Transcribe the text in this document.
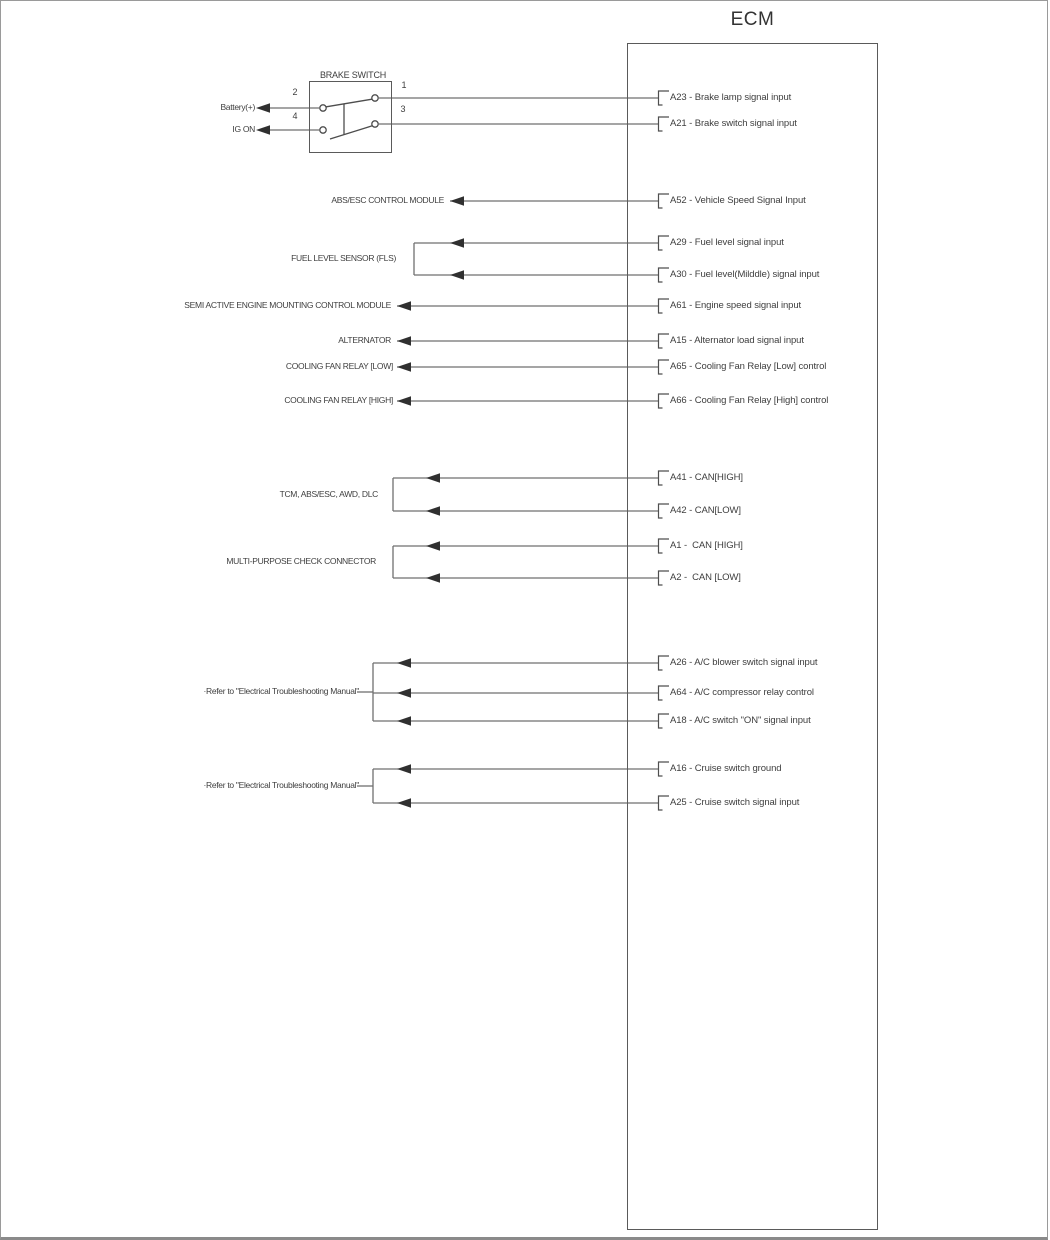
ECM
BRAKE SWITCH
2
4
1
3
Battery(+)
IG ON
ABS/ESC CONTROL MODULE
FUEL LEVEL SENSOR (FLS)
SEMI ACTIVE ENGINE MOUNTING CONTROL MODULE
ALTERNATOR
COOLING FAN RELAY [LOW]
COOLING FAN RELAY [HIGH]
TCM, ABS/ESC, AWD, DLC
MULTI-PURPOSE CHECK CONNECTOR
·Refer to "Electrical Troubleshooting Manual"
·Refer to "Electrical Troubleshooting Manual"
A23 - Brake lamp signal input
A21 - Brake switch signal input
A52 - Vehicle Speed Signal Input
A29 - Fuel level signal input
A30 - Fuel level(Milddle) signal input
A61 - Engine speed signal input
A15 - Alternator load signal input
A65 - Cooling Fan Relay [Low] control
A66 - Cooling Fan Relay [High] control
A41 - CAN[HIGH]
A42 - CAN[LOW]
A1 -  CAN [HIGH]
A2 -  CAN [LOW]
A26 - A/C blower switch signal input
A64 - A/C compressor relay control
A18 - A/C switch "ON" signal input
A16 - Cruise switch ground
A25 - Cruise switch signal input
